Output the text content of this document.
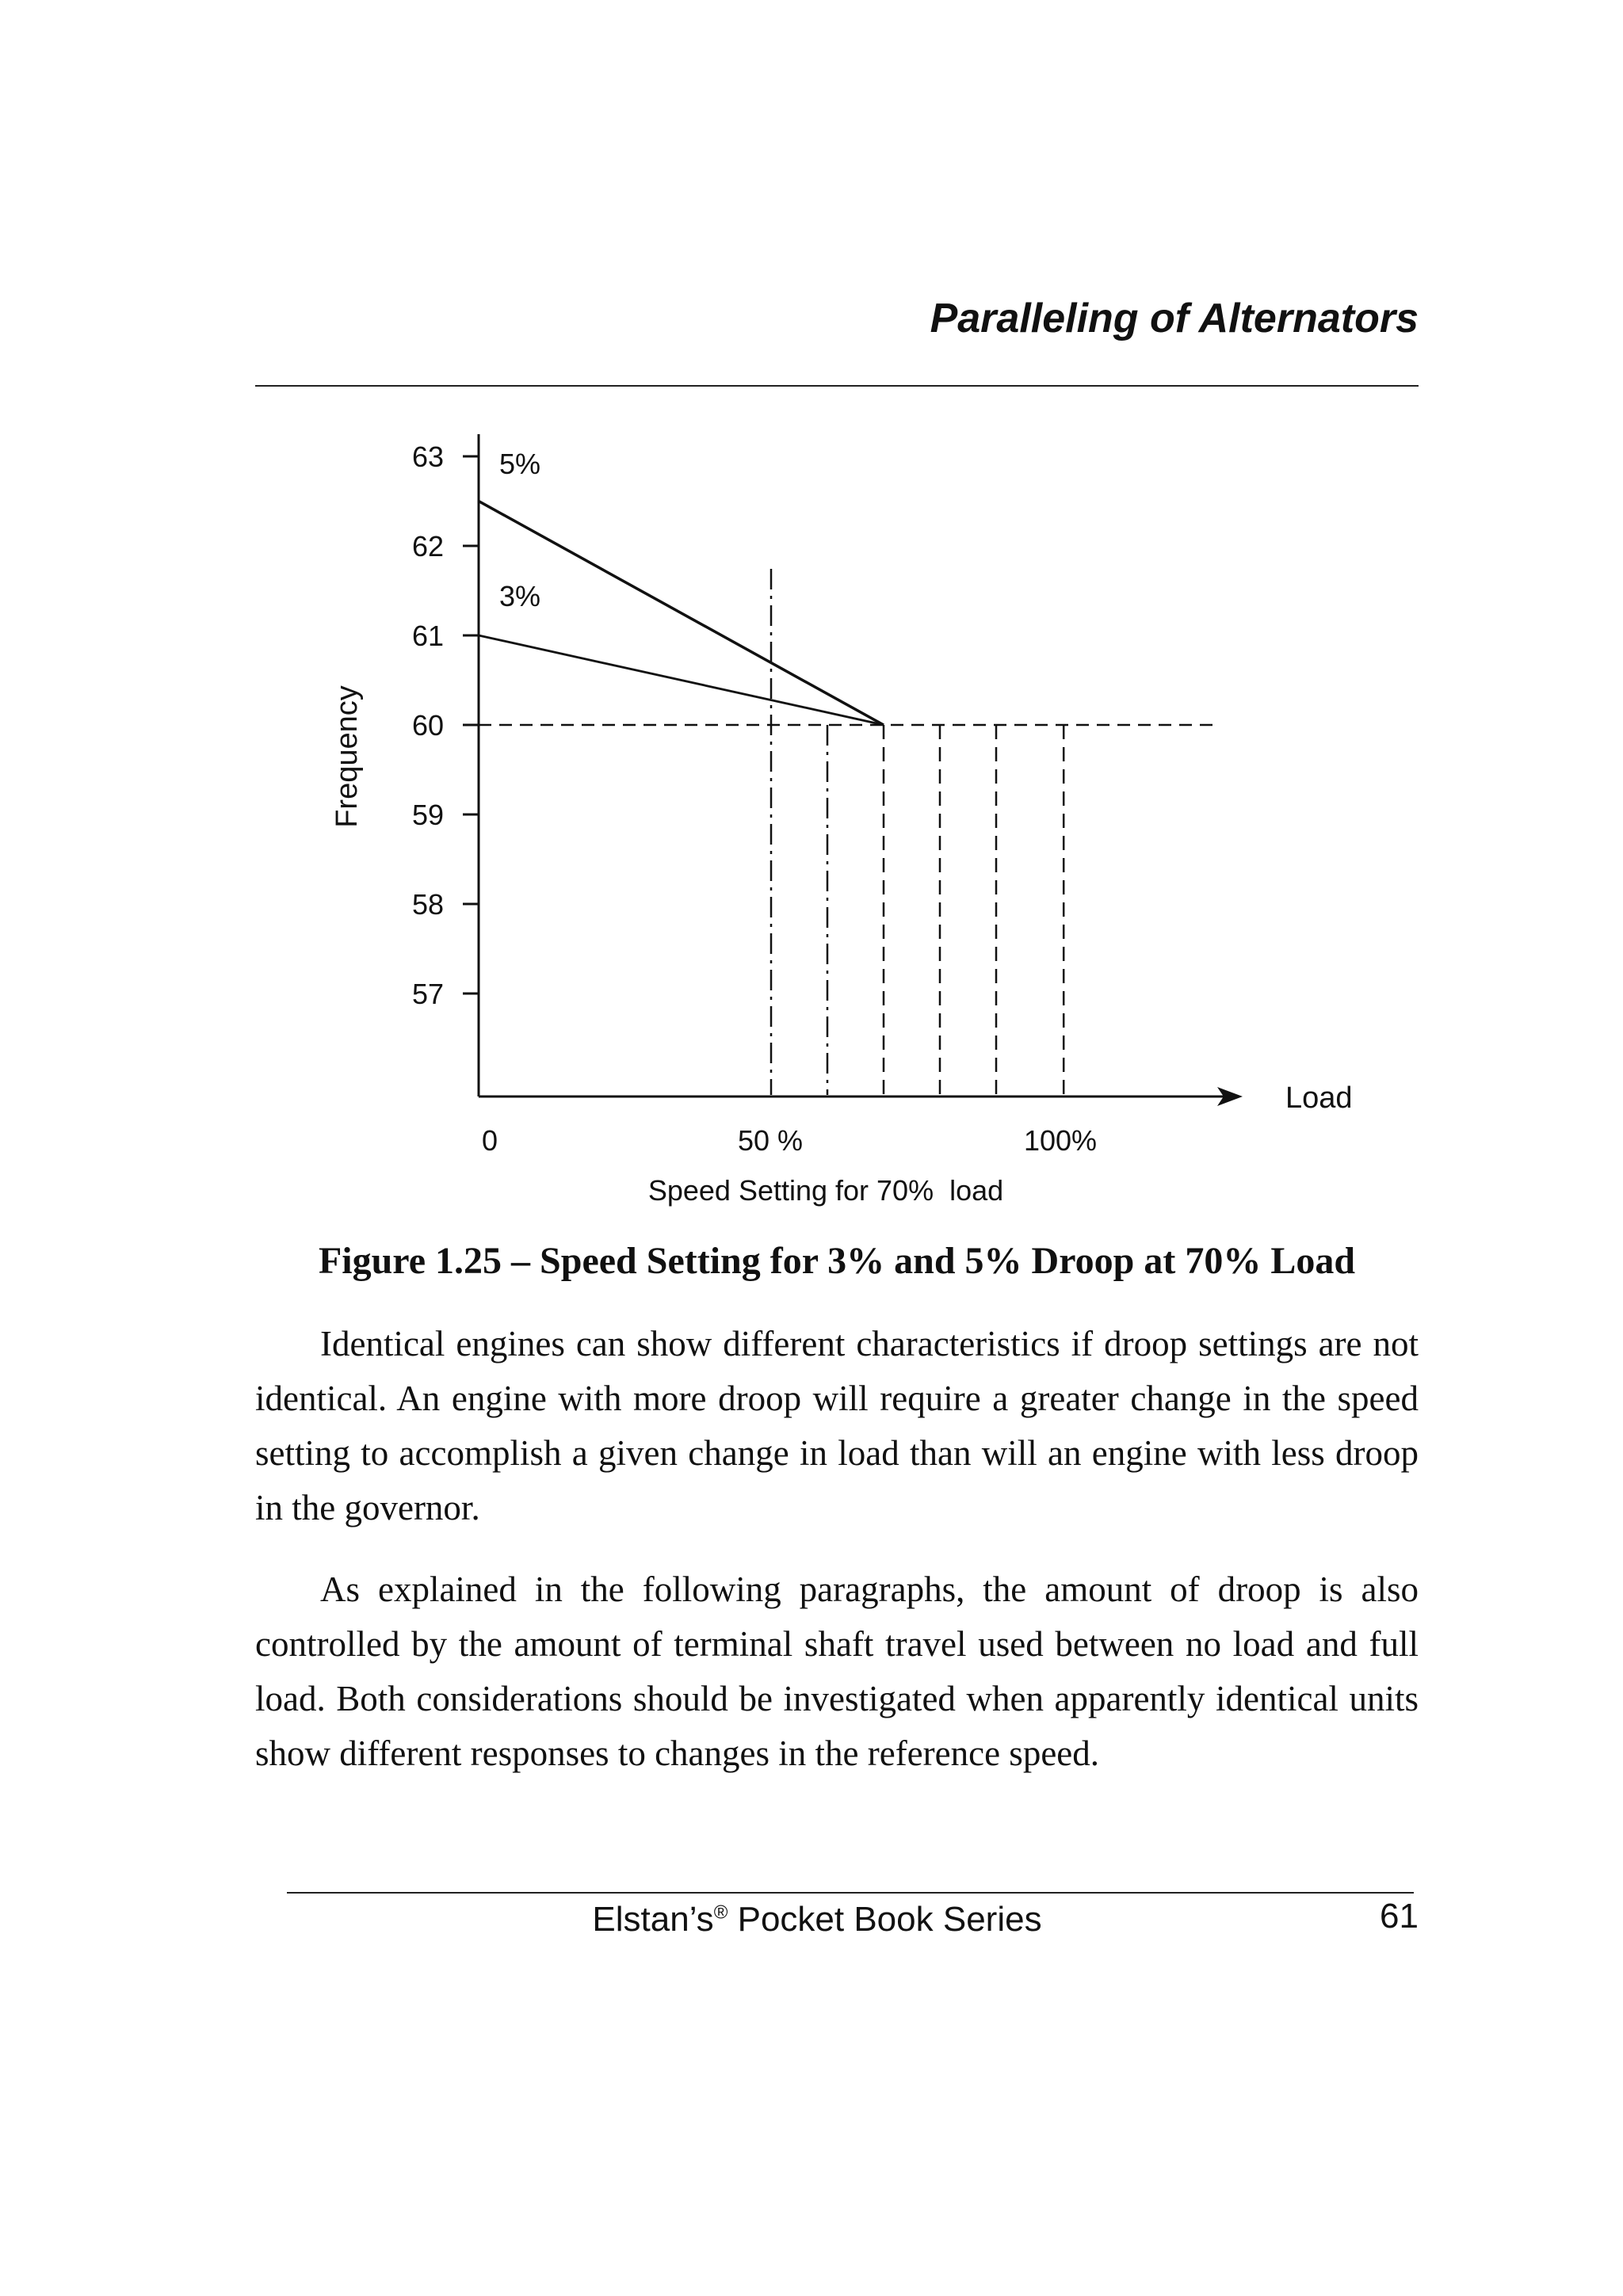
Paralleling of Alternators
57
58
59
60
61
62
63
Frequency
Load
0	50 %	100%
Speed Setting for 70%  load
5%
3%
Figure 1.25 – Speed Setting for 3% and 5% Droop at 70% Load

Identical engines can show different characteristics if droop settings are not identical. An engine with more droop will require a greater change in the speed setting to accomplish a given change in load than will an engine with less droop in the governor.

As explained in the following paragraphs, the amount of droop is also controlled by the amount of terminal shaft travel used between no load and full load. Both considerations should be investigated when apparently identical units show different responses to changes in the reference speed.

Elstan’s® Pocket Book Series	61
